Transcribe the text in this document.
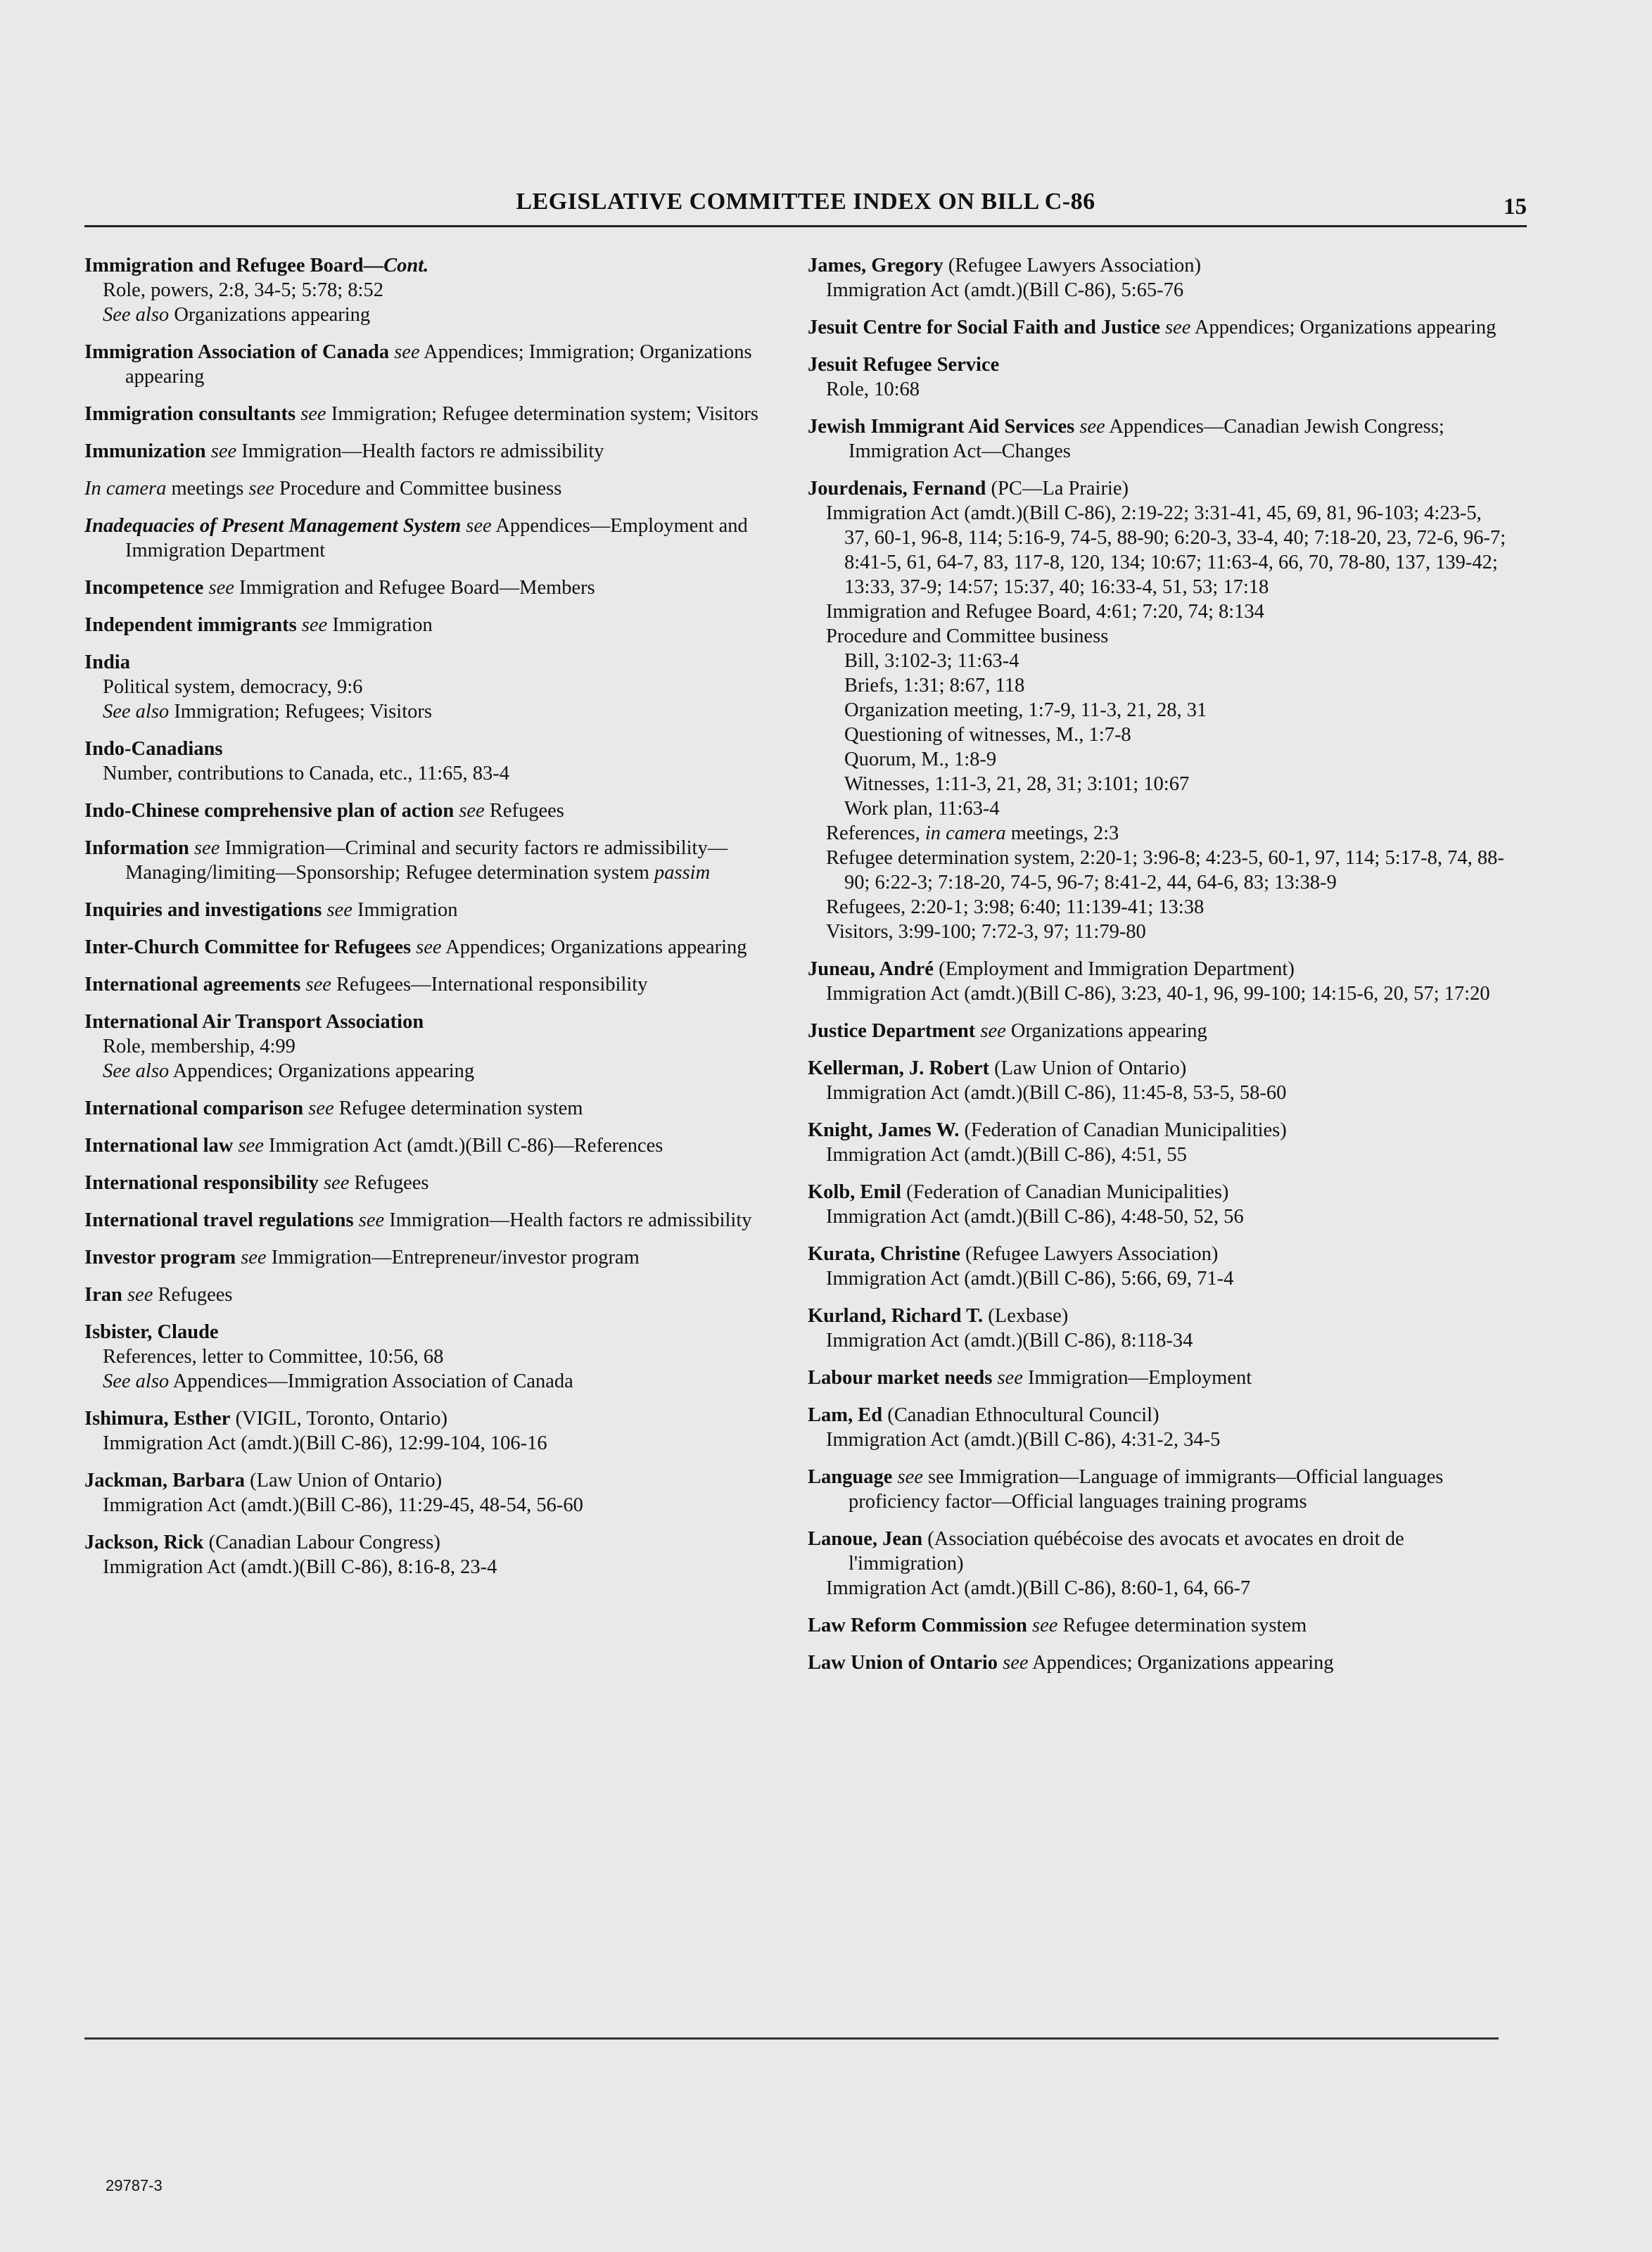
LEGISLATIVE COMMITTEE INDEX ON BILL C-86	15
Immigration and Refugee Board—Cont.
Role, powers, 2:8, 34-5; 5:78; 8:52
See also Organizations appearing
Immigration Association of Canada see Appendices; Immigration; Organizations appearing
Immigration consultants see Immigration; Refugee determination system; Visitors
Immunization see Immigration—Health factors re admissibility
In camera meetings see Procedure and Committee business
Inadequacies of Present Management System see Appendices—Employment and Immigration Department
Incompetence see Immigration and Refugee Board—Members
Independent immigrants see Immigration
India
Political system, democracy, 9:6
See also Immigration; Refugees; Visitors
Indo-Canadians
Number, contributions to Canada, etc., 11:65, 83-4
Indo-Chinese comprehensive plan of action see Refugees
Information see Immigration—Criminal and security factors re admissibility—Managing/limiting—Sponsorship; Refugee determination system passim
Inquiries and investigations see Immigration
Inter-Church Committee for Refugees see Appendices; Organizations appearing
International agreements see Refugees—International responsibility
International Air Transport Association
Role, membership, 4:99
See also Appendices; Organizations appearing
International comparison see Refugee determination system
International law see Immigration Act (amdt.)(Bill C-86)—References
International responsibility see Refugees
International travel regulations see Immigration—Health factors re admissibility
Investor program see Immigration—Entrepreneur/investor program
Iran see Refugees
Isbister, Claude
References, letter to Committee, 10:56, 68
See also Appendices—Immigration Association of Canada
Ishimura, Esther (VIGIL, Toronto, Ontario)
Immigration Act (amdt.)(Bill C-86), 12:99-104, 106-16
Jackman, Barbara (Law Union of Ontario)
Immigration Act (amdt.)(Bill C-86), 11:29-45, 48-54, 56-60
Jackson, Rick (Canadian Labour Congress)
Immigration Act (amdt.)(Bill C-86), 8:16-8, 23-4
James, Gregory (Refugee Lawyers Association)
Immigration Act (amdt.)(Bill C-86), 5:65-76
Jesuit Centre for Social Faith and Justice see Appendices; Organizations appearing
Jesuit Refugee Service
Role, 10:68
Jewish Immigrant Aid Services see Appendices—Canadian Jewish Congress; Immigration Act—Changes
Jourdenais, Fernand (PC—La Prairie)
Immigration Act (amdt.)(Bill C-86), 2:19-22; 3:31-41, 45, 69, 81, 96-103; 4:23-5, 37, 60-1, 96-8, 114; 5:16-9, 74-5, 88-90; 6:20-3, 33-4, 40; 7:18-20, 23, 72-6, 96-7; 8:41-5, 61, 64-7, 83, 117-8, 120, 134; 10:67; 11:63-4, 66, 70, 78-80, 137, 139-42; 13:33, 37-9; 14:57; 15:37, 40; 16:33-4, 51, 53; 17:18
Immigration and Refugee Board, 4:61; 7:20, 74; 8:134
Procedure and Committee business
Bill, 3:102-3; 11:63-4
Briefs, 1:31; 8:67, 118
Organization meeting, 1:7-9, 11-3, 21, 28, 31
Questioning of witnesses, M., 1:7-8
Quorum, M., 1:8-9
Witnesses, 1:11-3, 21, 28, 31; 3:101; 10:67
Work plan, 11:63-4
References, in camera meetings, 2:3
Refugee determination system, 2:20-1; 3:96-8; 4:23-5, 60-1, 97, 114; 5:17-8, 74, 88-90; 6:22-3; 7:18-20, 74-5, 96-7; 8:41-2, 44, 64-6, 83; 13:38-9
Refugees, 2:20-1; 3:98; 6:40; 11:139-41; 13:38
Visitors, 3:99-100; 7:72-3, 97; 11:79-80
Juneau, André (Employment and Immigration Department)
Immigration Act (amdt.)(Bill C-86), 3:23, 40-1, 96, 99-100; 14:15-6, 20, 57; 17:20
Justice Department see Organizations appearing
Kellerman, J. Robert (Law Union of Ontario)
Immigration Act (amdt.)(Bill C-86), 11:45-8, 53-5, 58-60
Knight, James W. (Federation of Canadian Municipalities)
Immigration Act (amdt.)(Bill C-86), 4:51, 55
Kolb, Emil (Federation of Canadian Municipalities)
Immigration Act (amdt.)(Bill C-86), 4:48-50, 52, 56
Kurata, Christine (Refugee Lawyers Association)
Immigration Act (amdt.)(Bill C-86), 5:66, 69, 71-4
Kurland, Richard T. (Lexbase)
Immigration Act (amdt.)(Bill C-86), 8:118-34
Labour market needs see Immigration—Employment
Lam, Ed (Canadian Ethnocultural Council)
Immigration Act (amdt.)(Bill C-86), 4:31-2, 34-5
Language see see Immigration—Language of immigrants—Official languages proficiency factor—Official languages training programs
Lanoue, Jean (Association québécoise des avocats et avocates en droit de l'immigration)
Immigration Act (amdt.)(Bill C-86), 8:60-1, 64, 66-7
Law Reform Commission see Refugee determination system
Law Union of Ontario see Appendices; Organizations appearing
29787-3
